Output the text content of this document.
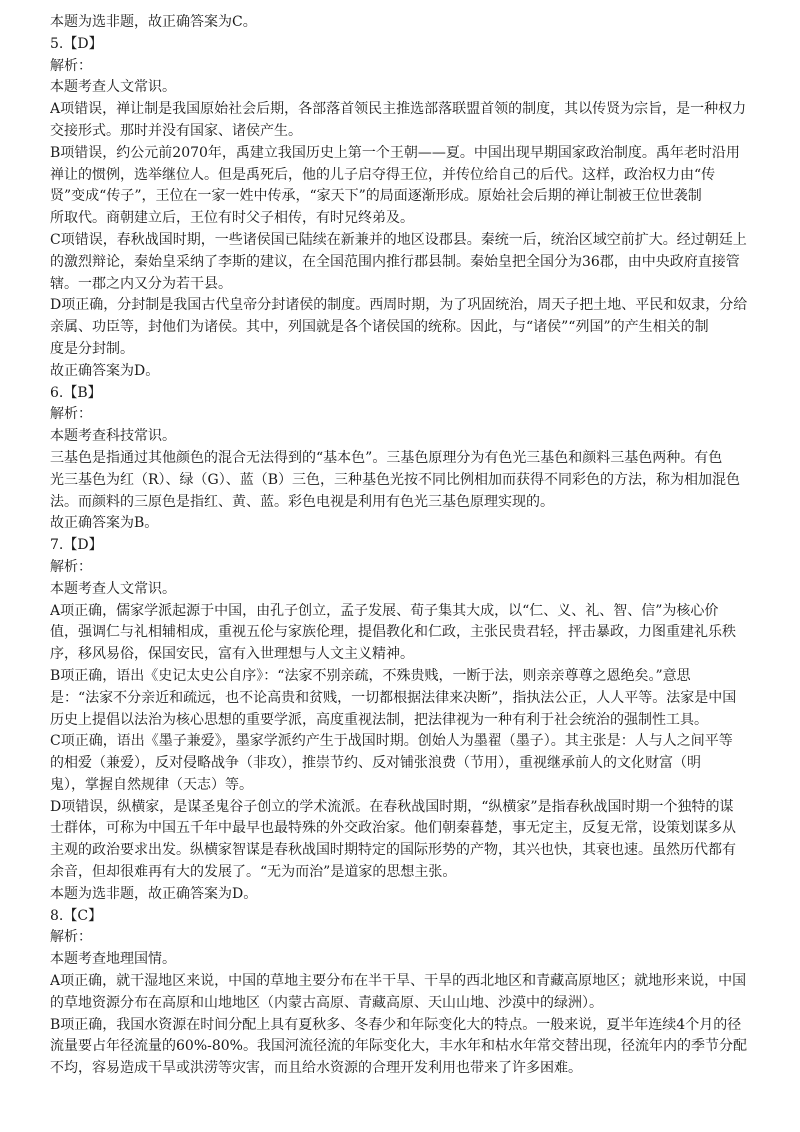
本题为选非题，故正确答案为C。
5.【D】
解析：
本题考查人文常识。
A项错误，禅让制是我国原始社会后期，各部落首领民主推选部落联盟首领的制度，其以传贤为宗旨，是一种权力
交接形式。那时并没有国家、诸侯产生。
B项错误，约公元前2070年，禹建立我国历史上第一个王朝——夏。中国出现早期国家政治制度。禹年老时沿用
禅让的惯例，选举继位人。但是禹死后，他的儿子启夺得王位，并传位给自己的后代。这样，政治权力由“传
贤”变成“传子”，王位在一家一姓中传承，“家天下”的局面逐渐形成。原始社会后期的禅让制被王位世袭制
所取代。商朝建立后，王位有时父子相传，有时兄终弟及。
C项错误，春秋战国时期，一些诸侯国已陆续在新兼并的地区设郡县。秦统一后，统治区域空前扩大。经过朝廷上
的激烈辩论，秦始皇采纳了李斯的建议，在全国范围内推行郡县制。秦始皇把全国分为36郡，由中央政府直接管
辖。一郡之内又分为若干县。
D项正确，分封制是我国古代皇帝分封诸侯的制度。西周时期，为了巩固统治，周天子把土地、平民和奴隶，分给
亲属、功臣等，封他们为诸侯。其中，列国就是各个诸侯国的统称。因此，与“诸侯”“列国”的产生相关的制
度是分封制。
故正确答案为D。
6.【B】
解析：
本题考查科技常识。
三基色是指通过其他颜色的混合无法得到的“基本色”。三基色原理分为有色光三基色和颜料三基色两种。有色
光三基色为红（R）、绿（G）、蓝（B）三色，三种基色光按不同比例相加而获得不同彩色的方法，称为相加混色
法。而颜料的三原色是指红、黄、蓝。彩色电视是利用有色光三基色原理实现的。
故正确答案为B。
7.【D】
解析：
本题考查人文常识。
A项正确，儒家学派起源于中国，由孔子创立，孟子发展、荀子集其大成，以“仁、义、礼、智、信”为核心价
值，强调仁与礼相辅相成，重视五伦与家族伦理，提倡教化和仁政，主张民贵君轻，抨击暴政，力图重建礼乐秩
序，移风易俗，保国安民，富有入世理想与人文主义精神。
B项正确，语出《史记太史公自序》：“法家不别亲疏，不殊贵贱，一断于法，则亲亲尊尊之恩绝矣。”意思
是：“法家不分亲近和疏远，也不论高贵和贫贱，一切都根据法律来决断”，指执法公正，人人平等。法家是中国
历史上提倡以法治为核心思想的重要学派，高度重视法制，把法律视为一种有利于社会统治的强制性工具。
C项正确，语出《墨子兼爱》，墨家学派约产生于战国时期。创始人为墨翟（墨子）。其主张是：人与人之间平等
的相爱（兼爱），反对侵略战争（非攻），推崇节约、反对铺张浪费（节用），重视继承前人的文化财富（明
鬼），掌握自然规律（天志）等。
D项错误，纵横家，是谋圣鬼谷子创立的学术流派。在春秋战国时期，“纵横家”是指春秋战国时期一个独特的谋
士群体，可称为中国五千年中最早也最特殊的外交政治家。他们朝秦暮楚，事无定主，反复无常，设策划谋多从
主观的政治要求出发。纵横家智谋是春秋战国时期特定的国际形势的产物，其兴也快，其衰也速。虽然历代都有
余音，但却很难再有大的发展了。“无为而治”是道家的思想主张。
本题为选非题，故正确答案为D。
8.【C】
解析：
本题考查地理国情。
A项正确，就干湿地区来说，中国的草地主要分布在半干旱、干旱的西北地区和青藏高原地区；就地形来说，中国
的草地资源分布在高原和山地地区（内蒙古高原、青藏高原、天山山地、沙漠中的绿洲）。
B项正确，我国水资源在时间分配上具有夏秋多、冬春少和年际变化大的特点。一般来说，夏半年连续4个月的径
流量要占年径流量的60%-80%。我国河流径流的年际变化大，丰水年和枯水年常交替出现，径流年内的季节分配
不均，容易造成干旱或洪涝等灾害，而且给水资源的合理开发利用也带来了许多困难。
